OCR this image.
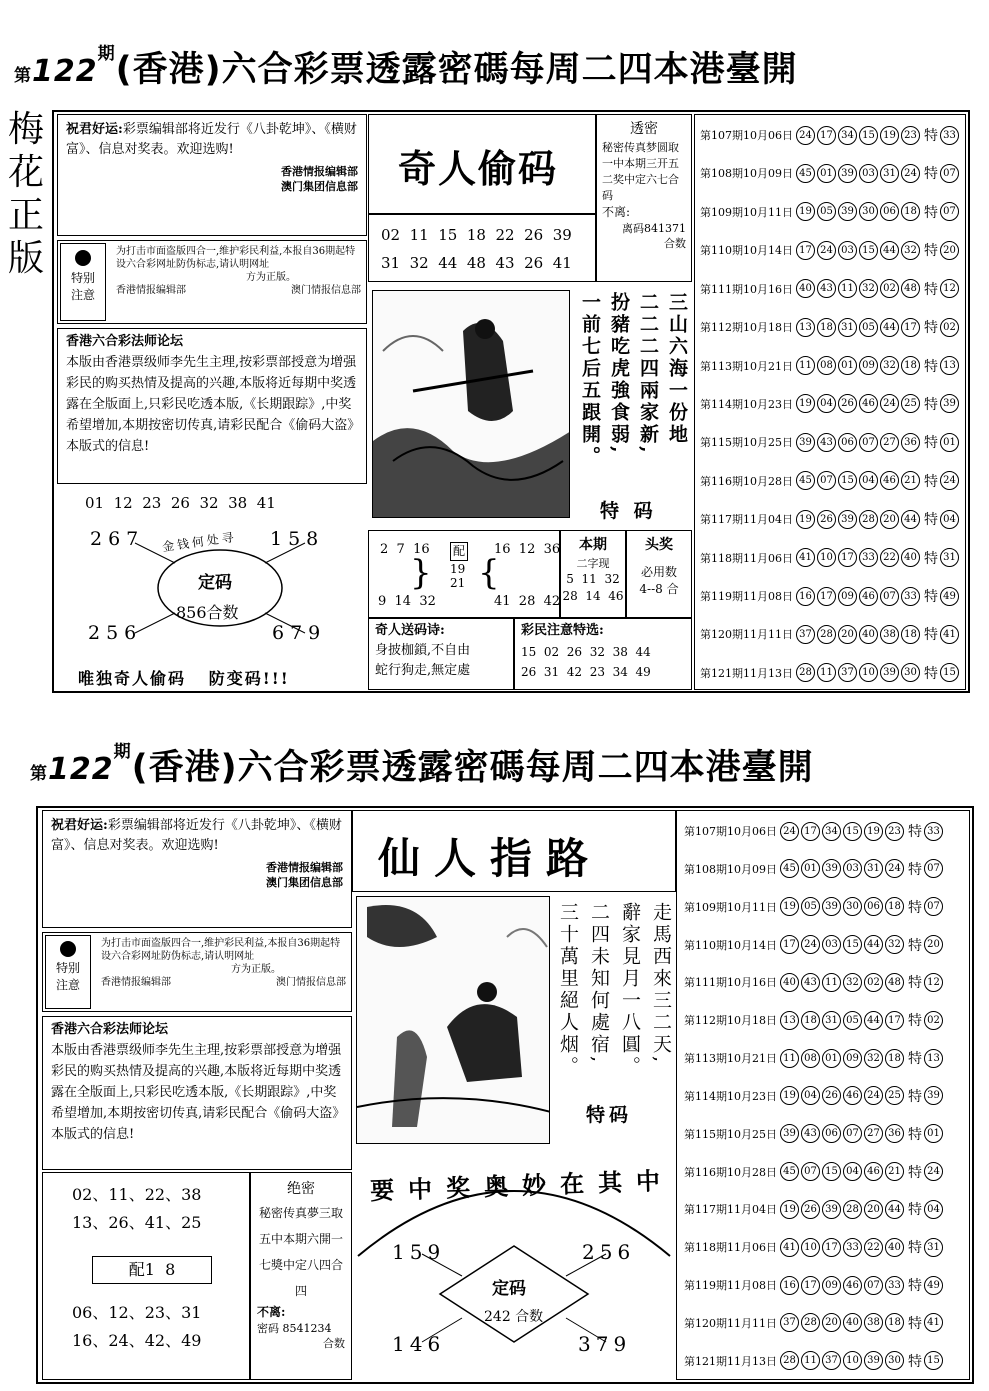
第$122^期$(香港)六合彩票透露密碼每周二四本港臺開
梅
花
正
版
祝君好运:彩票编辑部将近发行《八卦乾坤》、《横财富》、信息对奖表。欢迎选购!
香港情报编辑部
澳门集团信息部
特别
注意
为打击市面盗版四合一,维护彩民利益,本报自36期起特设六合彩网址防伪标志,请认明网址
方为正版。
香港情报编辑部	澳门情报信息部
香港六合彩法师论坛
本版由香港票级师李先生主理,按彩票部授意为增强彩民的购买热情及提高的兴趣,本版将近每期中奖透露在全版面上,只彩民吃透本版,《长期跟踪》,中奖希望增加,本期按密切传真,请彩民配合《偷码大盗》本版式的信息!
01  12  23  26  32  38  41
267	158
256	679
金钱何处寻
定码
856合数
唯独奇人偷码   防变码!!!
奇人偷码
02  11  15  18  22  26  39
31  32  44  48  43  26  41
透密
秘密传真梦圆取一中本期三开五二奖中定六七合码
不离:
离码841371
合数
三山六海一份地
二二二四兩家新,
扮豬吃虎強食弱,
一前七后五跟開。
特 码
2  7  16
9  14  32
}
配
19
21 {
16  12  36
41  28  42
本期
二字现
5  11  32
28  14  46
头奖
必用数
4--8 合
奇人送码诗:
身披枷鎖,不自由
蛇行狗走,無定處
彩民注意特选:
15  02  26  32  38  44
26  31  42  23  34  49
第107期10月06日 24 17 34 15 19 23 特 33
第108期10月09日 45 01 39 03 31 24 特 07
第109期10月11日 19 05 39 30 06 18 特 07
第110期10月14日 17 24 03 15 44 32 特 20
第111期10月16日 40 43 11 32 02 48 特 12
第112期10月18日 13 18 31 05 44 17 特 02
第113期10月21日 11 08 01 09 32 18 特 13
第114期10月23日 19 04 26 46 24 25 特 39
第115期10月25日 39 43 06 07 27 36 特 01
第116期10月28日 45 07 15 04 46 21 特 24
第117期11月04日 19 26 39 28 20 44 特 04
第118期11月06日 41 10 17 33 22 40 特 31
第119期11月08日 16 17 09 46 07 33 特 49
第120期11月11日 37 28 20 40 38 18 特 41
第121期11月13日 28 11 37 10 39 30 特 15
第$122^期$(香港)六合彩票透露密碼每周二四本港臺開
祝君好运:彩票编辑部将近发行《八卦乾坤》、《横财富》、信息对奖表。欢迎选购!
香港情报编辑部
澳门集团信息部
特别
注意
为打击市面盗版四合一,维护彩民利益,本报自36期起特设六合彩网址防伪标志,请认明网址
方为正版。
香港情报编辑部	澳门情报信息部
香港六合彩法师论坛
本版由香港票级师李先生主理,按彩票部授意为增强彩民的购买热情及提高的兴趣,本版将近每期中奖透露在全版面上,只彩民吃透本版,《长期跟踪》,中奖希望增加,本期按密切传真,请彩民配合《偷码大盗》本版式的信息!
02、11、22、38
13、26、41、25
配1  8
06、12、23、31
16、24、42、49
绝密
秘密传真夢三取五中本期六開一七獎中定八四合四
不离:
密码 8541234
合数
仙人指路
走馬西來三二天,
辭家見月一八圓。
二四未知何處宿,
三十萬里絕人烟。
特码
要中奖奥妙在其中
159	256
146	379
定码
242 合数
第107期10月06日 24 17 34 15 19 23 特 33
第108期10月09日 45 01 39 03 31 24 特 07
第109期10月11日 19 05 39 30 06 18 特 07
第110期10月14日 17 24 03 15 44 32 特 20
第111期10月16日 40 43 11 32 02 48 特 12
第112期10月18日 13 18 31 05 44 17 特 02
第113期10月21日 11 08 01 09 32 18 特 13
第114期10月23日 19 04 26 46 24 25 特 39
第115期10月25日 39 43 06 07 27 36 特 01
第116期10月28日 45 07 15 04 46 21 特 24
第117期11月04日 19 26 39 28 20 44 特 04
第118期11月06日 41 10 17 33 22 40 特 31
第119期11月08日 16 17 09 46 07 33 特 49
第120期11月11日 37 28 20 40 38 18 特 41
第121期11月13日 28 11 37 10 39 30 特 15
